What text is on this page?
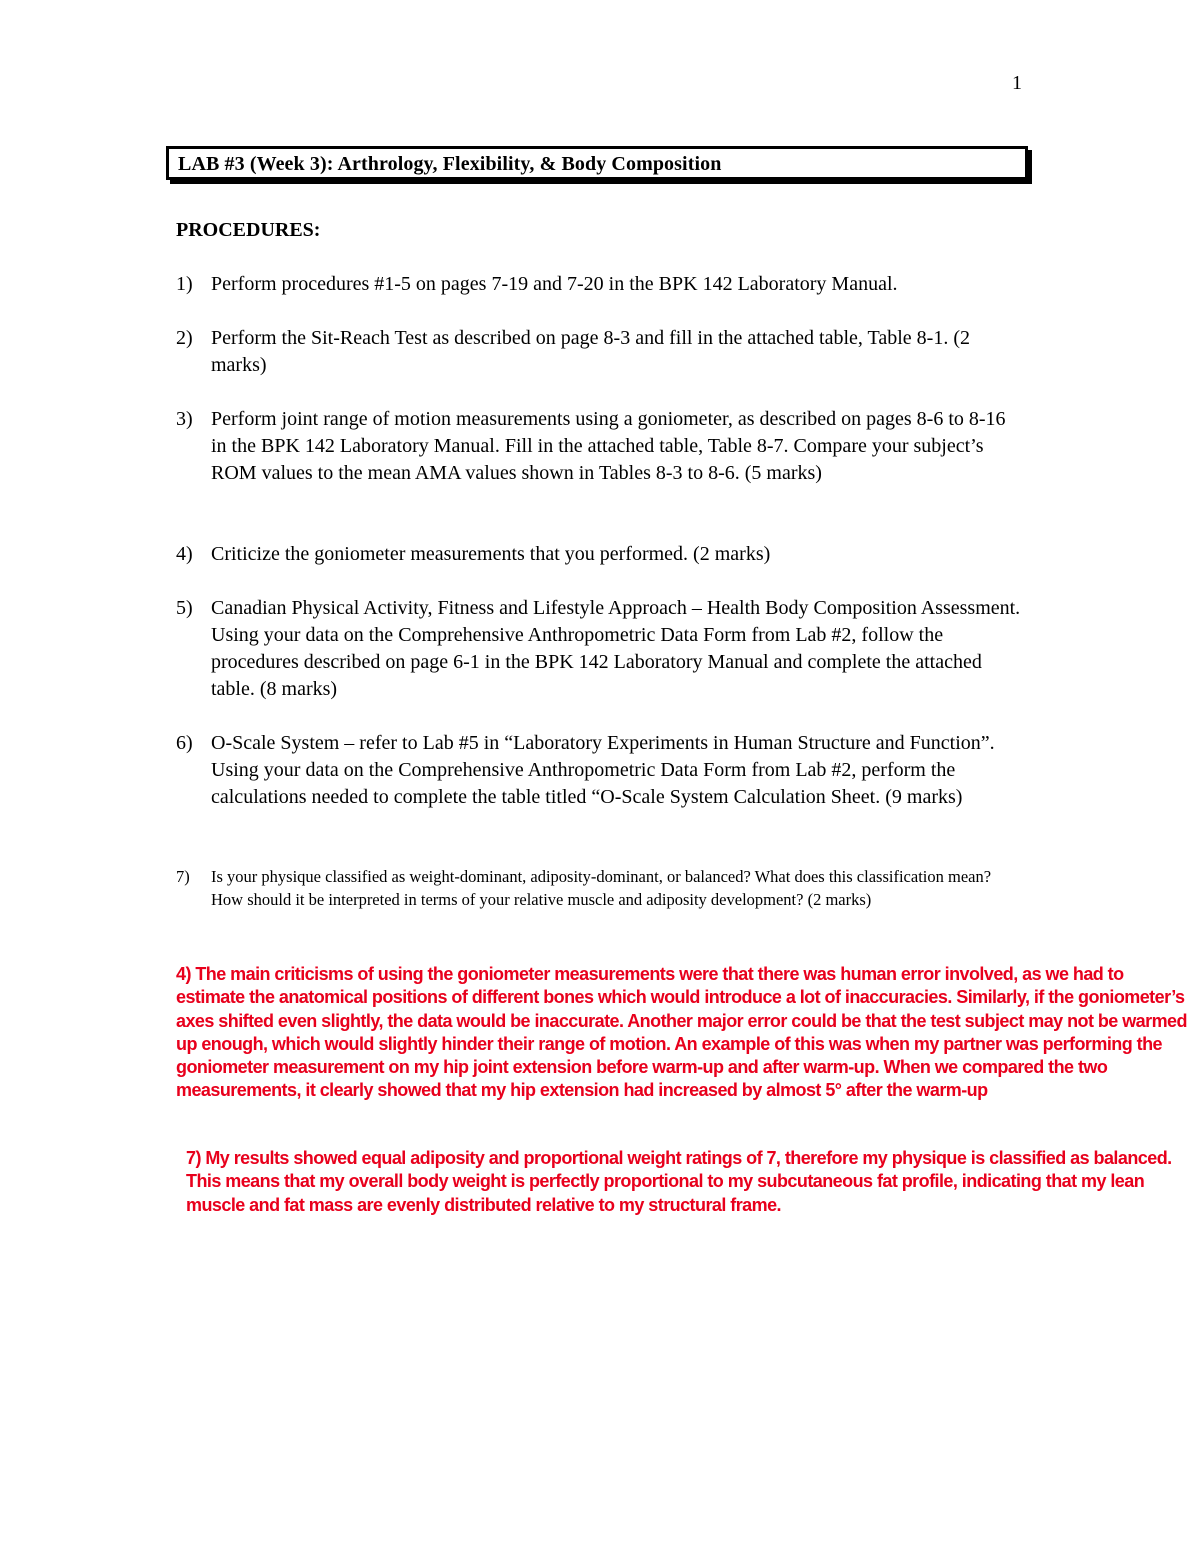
1
LAB #3 (Week 3): Arthrology, Flexibility, & Body Composition
PROCEDURES:
1) Perform procedures #1-5 on pages 7-19 and 7-20 in the BPK 142 Laboratory Manual.
2) Perform the Sit-Reach Test as described on page 8-3 and fill in the attached table, Table 8-1. (2 marks)
3) Perform joint range of motion measurements using a goniometer, as described on pages 8-6 to 8-16 in the BPK 142 Laboratory Manual. Fill in the attached table, Table 8-7. Compare your subject’s ROM values to the mean AMA values shown in Tables 8-3 to 8-6. (5 marks)
4) Criticize the goniometer measurements that you performed. (2 marks)
5) Canadian Physical Activity, Fitness and Lifestyle Approach – Health Body Composition Assessment. Using your data on the Comprehensive Anthropometric Data Form from Lab #2, follow the procedures described on page 6-1 in the BPK 142 Laboratory Manual and complete the attached table. (8 marks)
6) O-Scale System – refer to Lab #5 in “Laboratory Experiments in Human Structure and Function”. Using your data on the Comprehensive Anthropometric Data Form from Lab #2, perform the calculations needed to complete the table titled “O-Scale System Calculation Sheet. (9 marks)
7) Is your physique classified as weight-dominant, adiposity-dominant, or balanced? What does this classification mean? How should it be interpreted in terms of your relative muscle and adiposity development? (2 marks)
4) The main criticisms of using the goniometer measurements were that there was human error involved, as we had to estimate the anatomical positions of different bones which would introduce a lot of inaccuracies. Similarly, if the goniometer’s axes shifted even slightly, the data would be inaccurate. Another major error could be that the test subject may not be warmed up enough, which would slightly hinder their range of motion. An example of this was when my partner was performing the goniometer measurement on my hip joint extension before warm-up and after warm-up. When we compared the two measurements, it clearly showed that my hip extension had increased by almost 5° after the warm-up
7) My results showed equal adiposity and proportional weight ratings of 7, therefore my physique is classified as balanced. This means that my overall body weight is perfectly proportional to my subcutaneous fat profile, indicating that my lean muscle and fat mass are evenly distributed relative to my structural frame.
